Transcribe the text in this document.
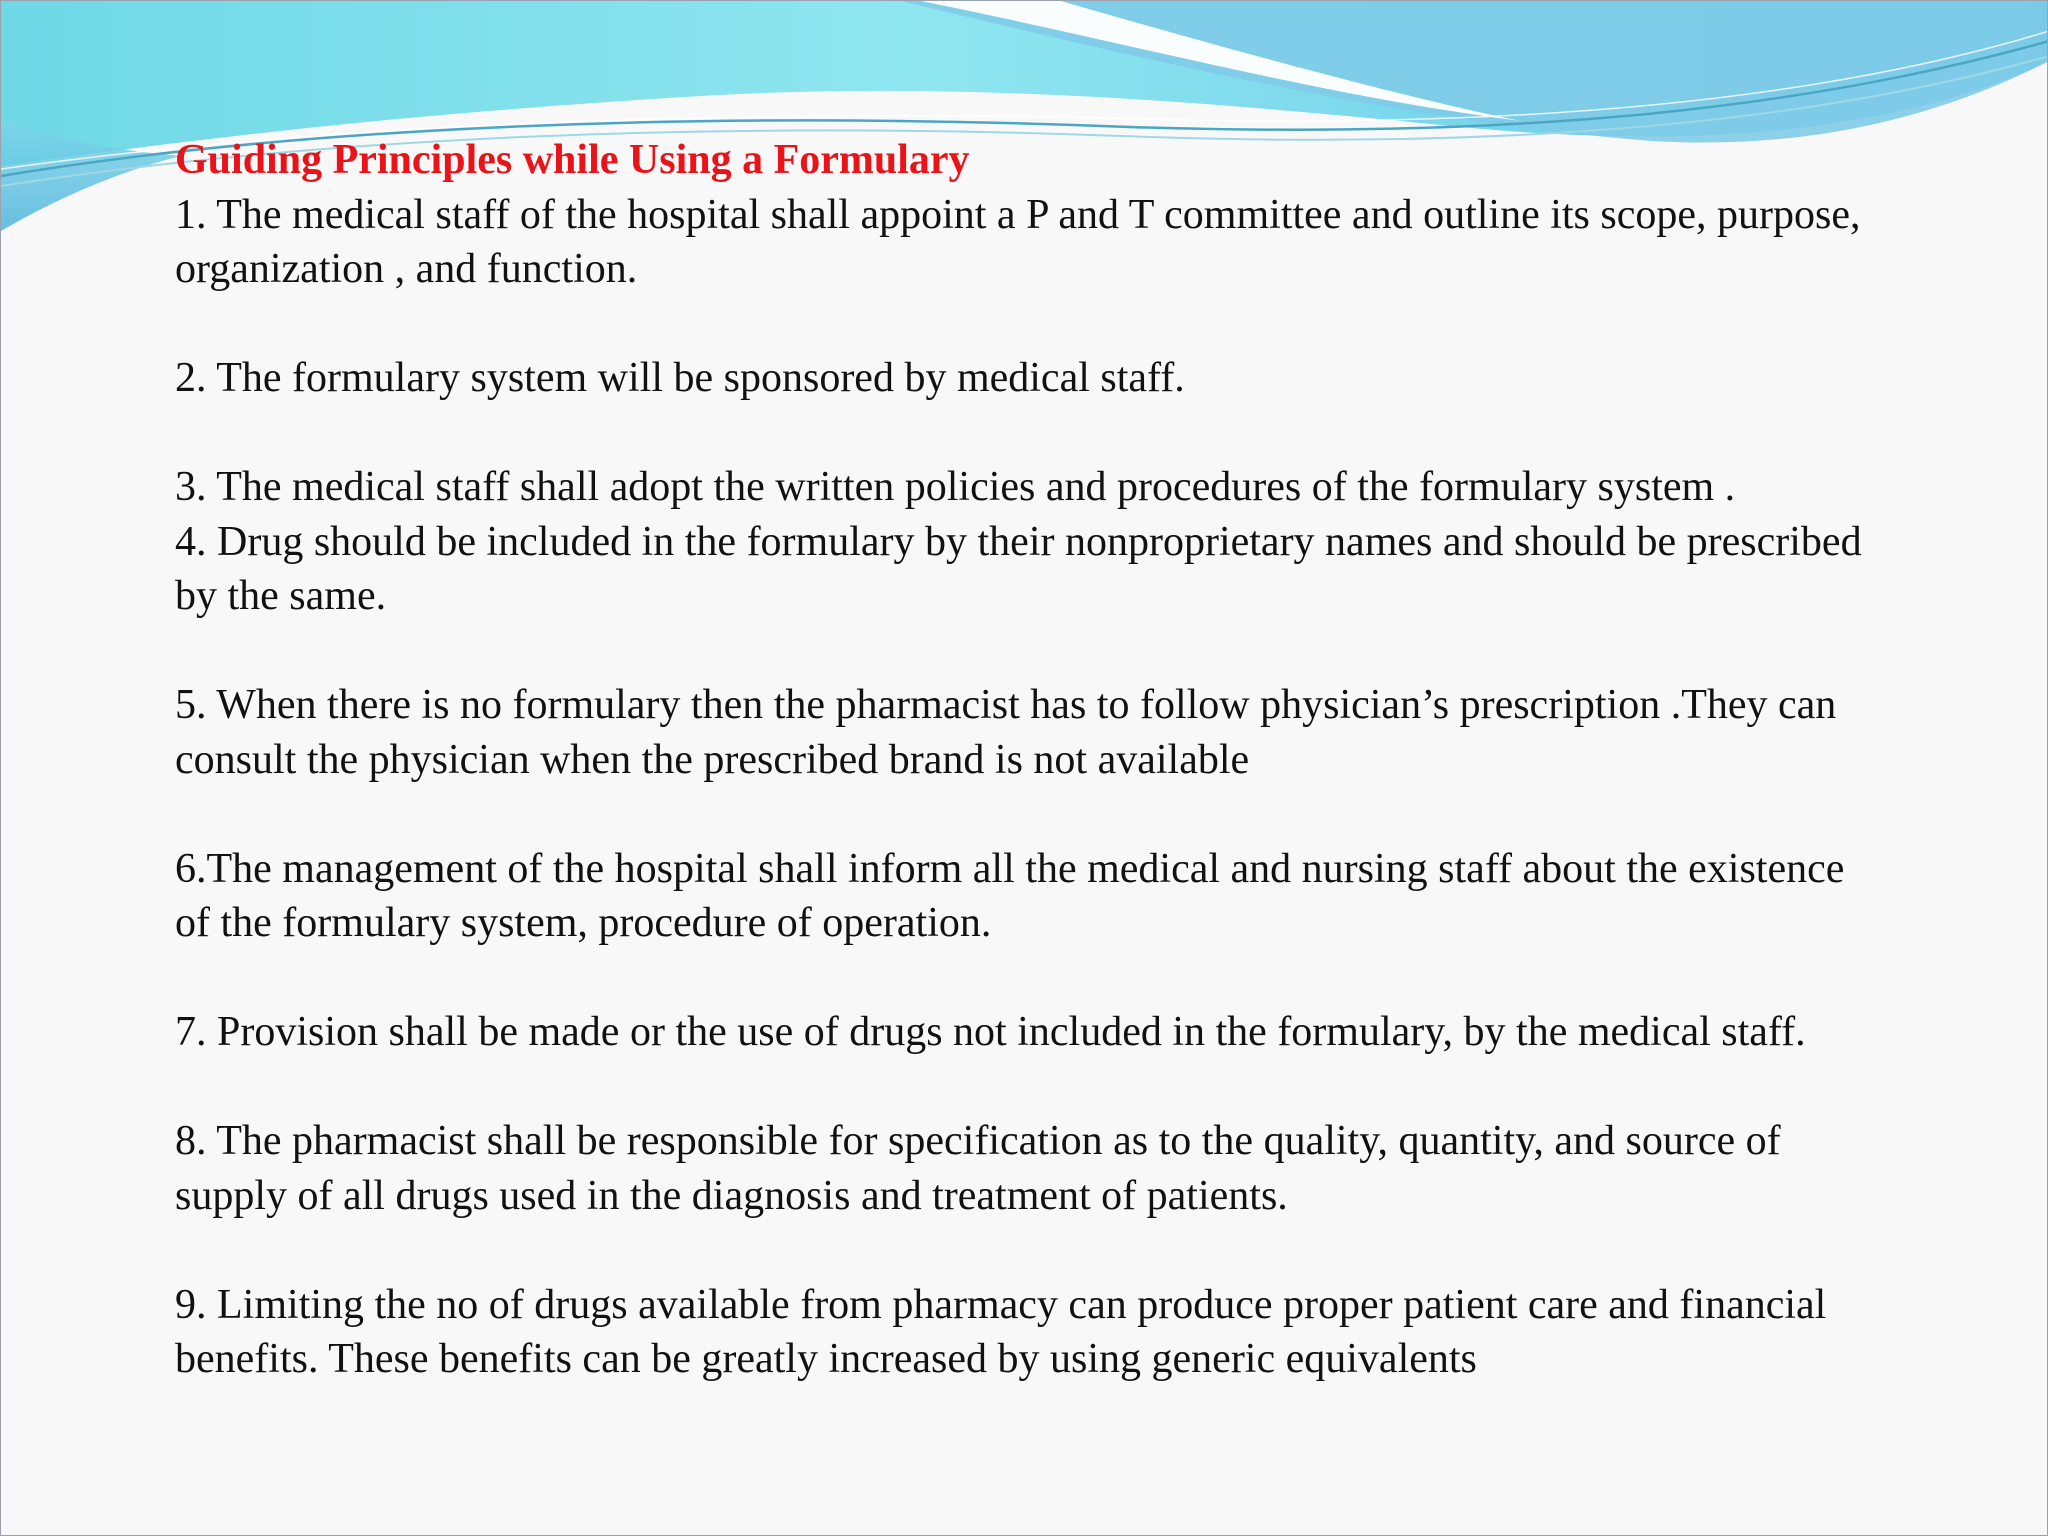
Guiding Principles while Using a Formulary

1. The medical staff of the hospital shall appoint a P and T committee and outline its scope, purpose, organization , and function.

2. The formulary system will be sponsored by medical staff.

3. The medical staff shall adopt the written policies and procedures of the formulary system .

4. Drug should be included in the formulary by their nonproprietary names and should be prescribed by the same.

5. When there is no formulary then the pharmacist has to follow physician’s prescription .They can consult the physician when the prescribed brand is not available

6.The management of the hospital shall inform all the medical and nursing staff about the existence of the formulary system, procedure of operation.

7. Provision shall be made or the use of drugs not included in the formulary, by the medical staff.

8. The pharmacist shall be responsible for specification as to the quality, quantity, and source of supply of all drugs used in the diagnosis and treatment of patients.

9. Limiting the no of drugs available from pharmacy can produce proper patient care and financial benefits. These benefits can be greatly increased by using generic equivalents
